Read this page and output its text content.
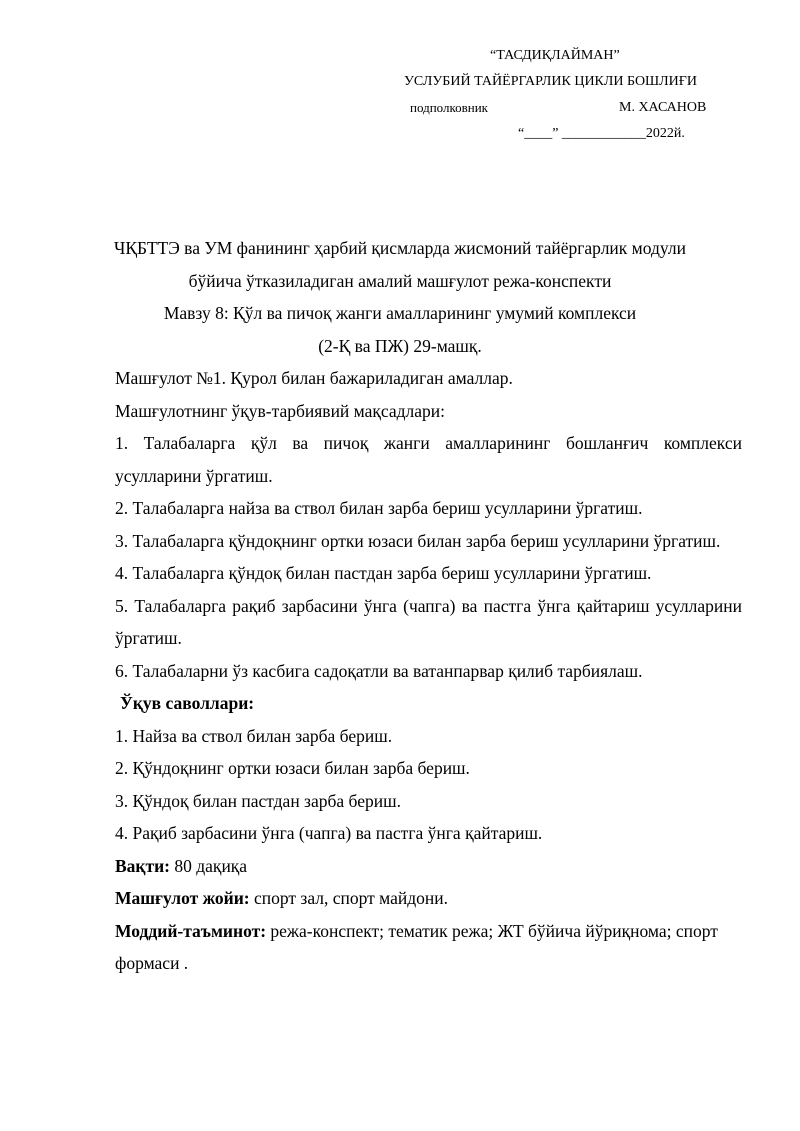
“ТАСДИҚЛАЙМАН”
УСЛУБИЙ ТАЙЁРГАРЛИК ЦИКЛИ БОШЛИҒИ
подполковник	М. ХАСАНОВ
“____” ____________2022й.
ЧҚБТТЭ ва УМ фанининг ҳарбий қисмларда жисмоний тайёргарлик модули
бўйича ўтказиладиган амалий машғулот режа-конспекти
Мавзу 8: Қўл ва пичоқ жанги амалларининг умумий комплекси
(2-Қ ва ПЖ) 29-машқ.

Машғулот №1. Қурол билан бажариладиган амаллар.

Машғулотнинг ўқув-тарбиявий мақсадлари:

1. Талабаларга қўл ва пичоқ жанги амалларининг бошланғич комплекси усулларини ўргатиш.

2. Талабаларга найза ва ствол билан зарба бериш усулларини ўргатиш.

3. Талабаларга қўндоқнинг ортки юзаси билан зарба бериш усулларини ўргатиш.

4. Талабаларга қўндоқ билан пастдан зарба бериш усулларини ўргатиш.

5. Талабаларга рақиб зарбасини ўнга (чапга) ва пастга ўнга қайтариш усулларини ўргатиш.

6. Талабаларни ўз касбига садоқатли ва ватанпарвар қилиб тарбиялаш.

Ўқув саволлари:

1. Найза ва ствол билан зарба бериш.

2. Қўндоқнинг ортки юзаси билан зарба бериш.

3. Қўндоқ билан пастдан зарба бериш.

4. Рақиб зарбасини ўнга (чапга) ва пастга ўнга қайтариш.

Вақти: 80 дақиқа

Машғулот жойи: спорт зал, спорт майдони.

Моддий-таъминот: режа-конспект; тематик режа; ЖТ бўйича йўриқнома; спорт формаси .
